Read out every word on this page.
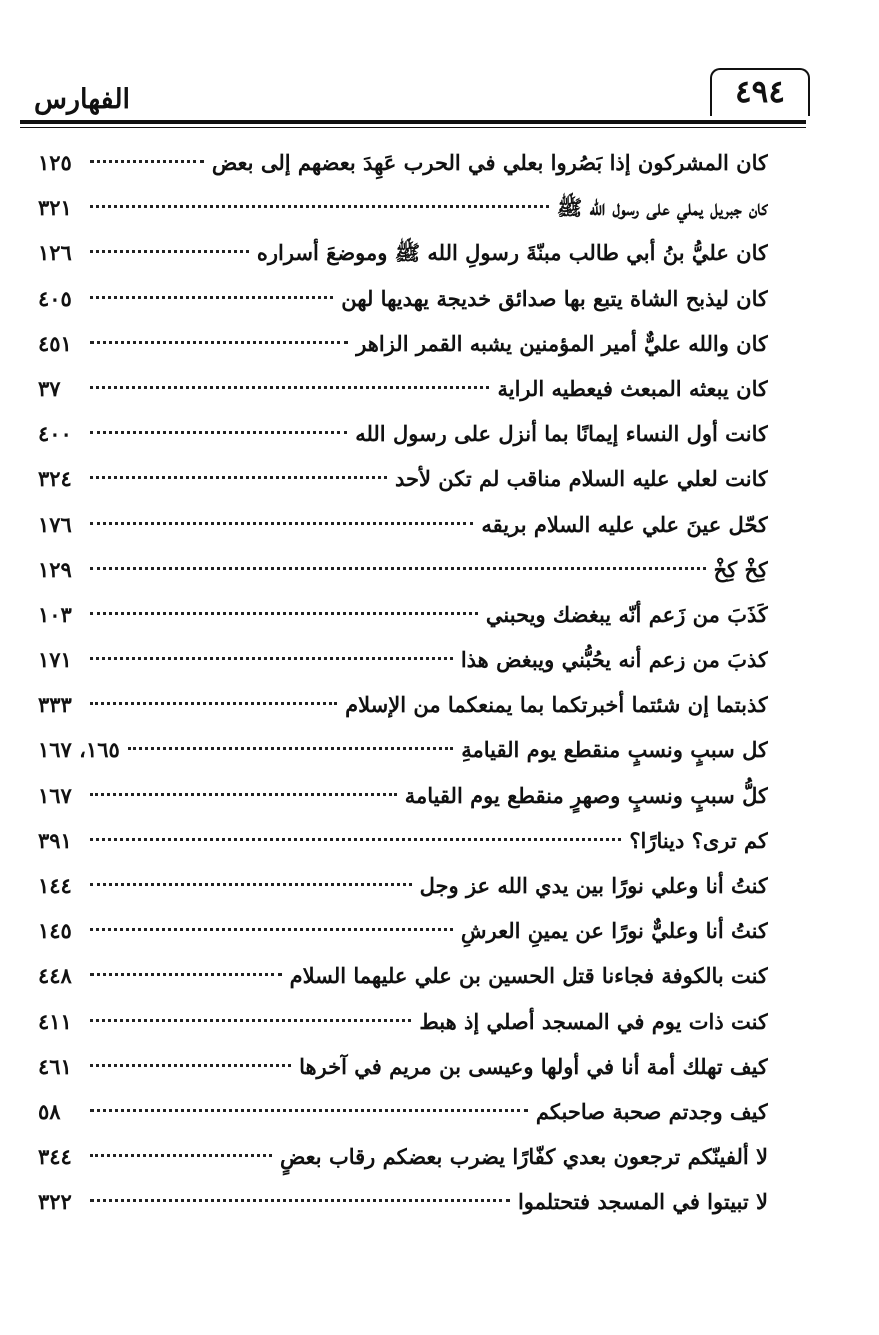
الفهارس	٤٩٤
كان المشركون إذا بَصُروا بعلي في الحرب عَهِدَ بعضهم إلى بعض
١٢٥
كان جبريل يملي على رسول الله ﷺ
٣٢١
كان عليُّ بنُ أبي طالب مبنّةَ رسولِ الله ﷺ وموضعَ أسراره
١٢٦
كان ليذبح الشاة يتبع بها صدائق خديجة يهديها لهن
٤٠٥
كان والله عليٌّ أمير المؤمنين يشبه القمر الزاهر
٤٥١
كان يبعثه المبعث فيعطيه الراية
٣٧
كانت أول النساء إيمانًا بما أنزل على رسول الله
٤٠٠
كانت لعلي عليه السلام مناقب لم تكن لأحد
٣٢٤
كحّل عينَ علي عليه السلام بريقه
١٧٦
كِخْ كِخْ
١٢٩
كَذَبَ من زَعم أنّه يبغضك ويحبني
١٠٣
كذبَ من زعم أنه يحُبُّني ويبغض هذا
١٧١
كذبتما إن شئتما أخبرتكما بما يمنعكما من الإسلام
٣٣٣
كل سببٍ ونسبٍ منقطع يوم القيامةِ
١٦٥، ١٦٧
كلُّ سببٍ ونسبٍ وصهرٍ منقطع يوم القيامة
١٦٧
كم ترى؟ دينارًا؟
٣٩١
كنتُ أنا وعلي نورًا بين يدي الله عز وجل
١٤٤
كنتُ أنا وعليٌّ نورًا عن يمينِ العرشِ
١٤٥
كنت بالكوفة فجاءنا قتل الحسين بن علي عليهما السلام
٤٤٨
كنت ذات يوم في المسجد أصلي إذ هبط
٤١١
كيف تهلك أمة أنا في أولها وعيسى بن مريم في آخرها
٤٦١
كيف وجدتم صحبة صاحبكم
٥٨
لا ألفينّكم ترجعون بعدي كفّارًا يضرب بعضكم رقاب بعضٍ
٣٤٤
لا تبيتوا في المسجد فتحتلموا
٣٢٢
